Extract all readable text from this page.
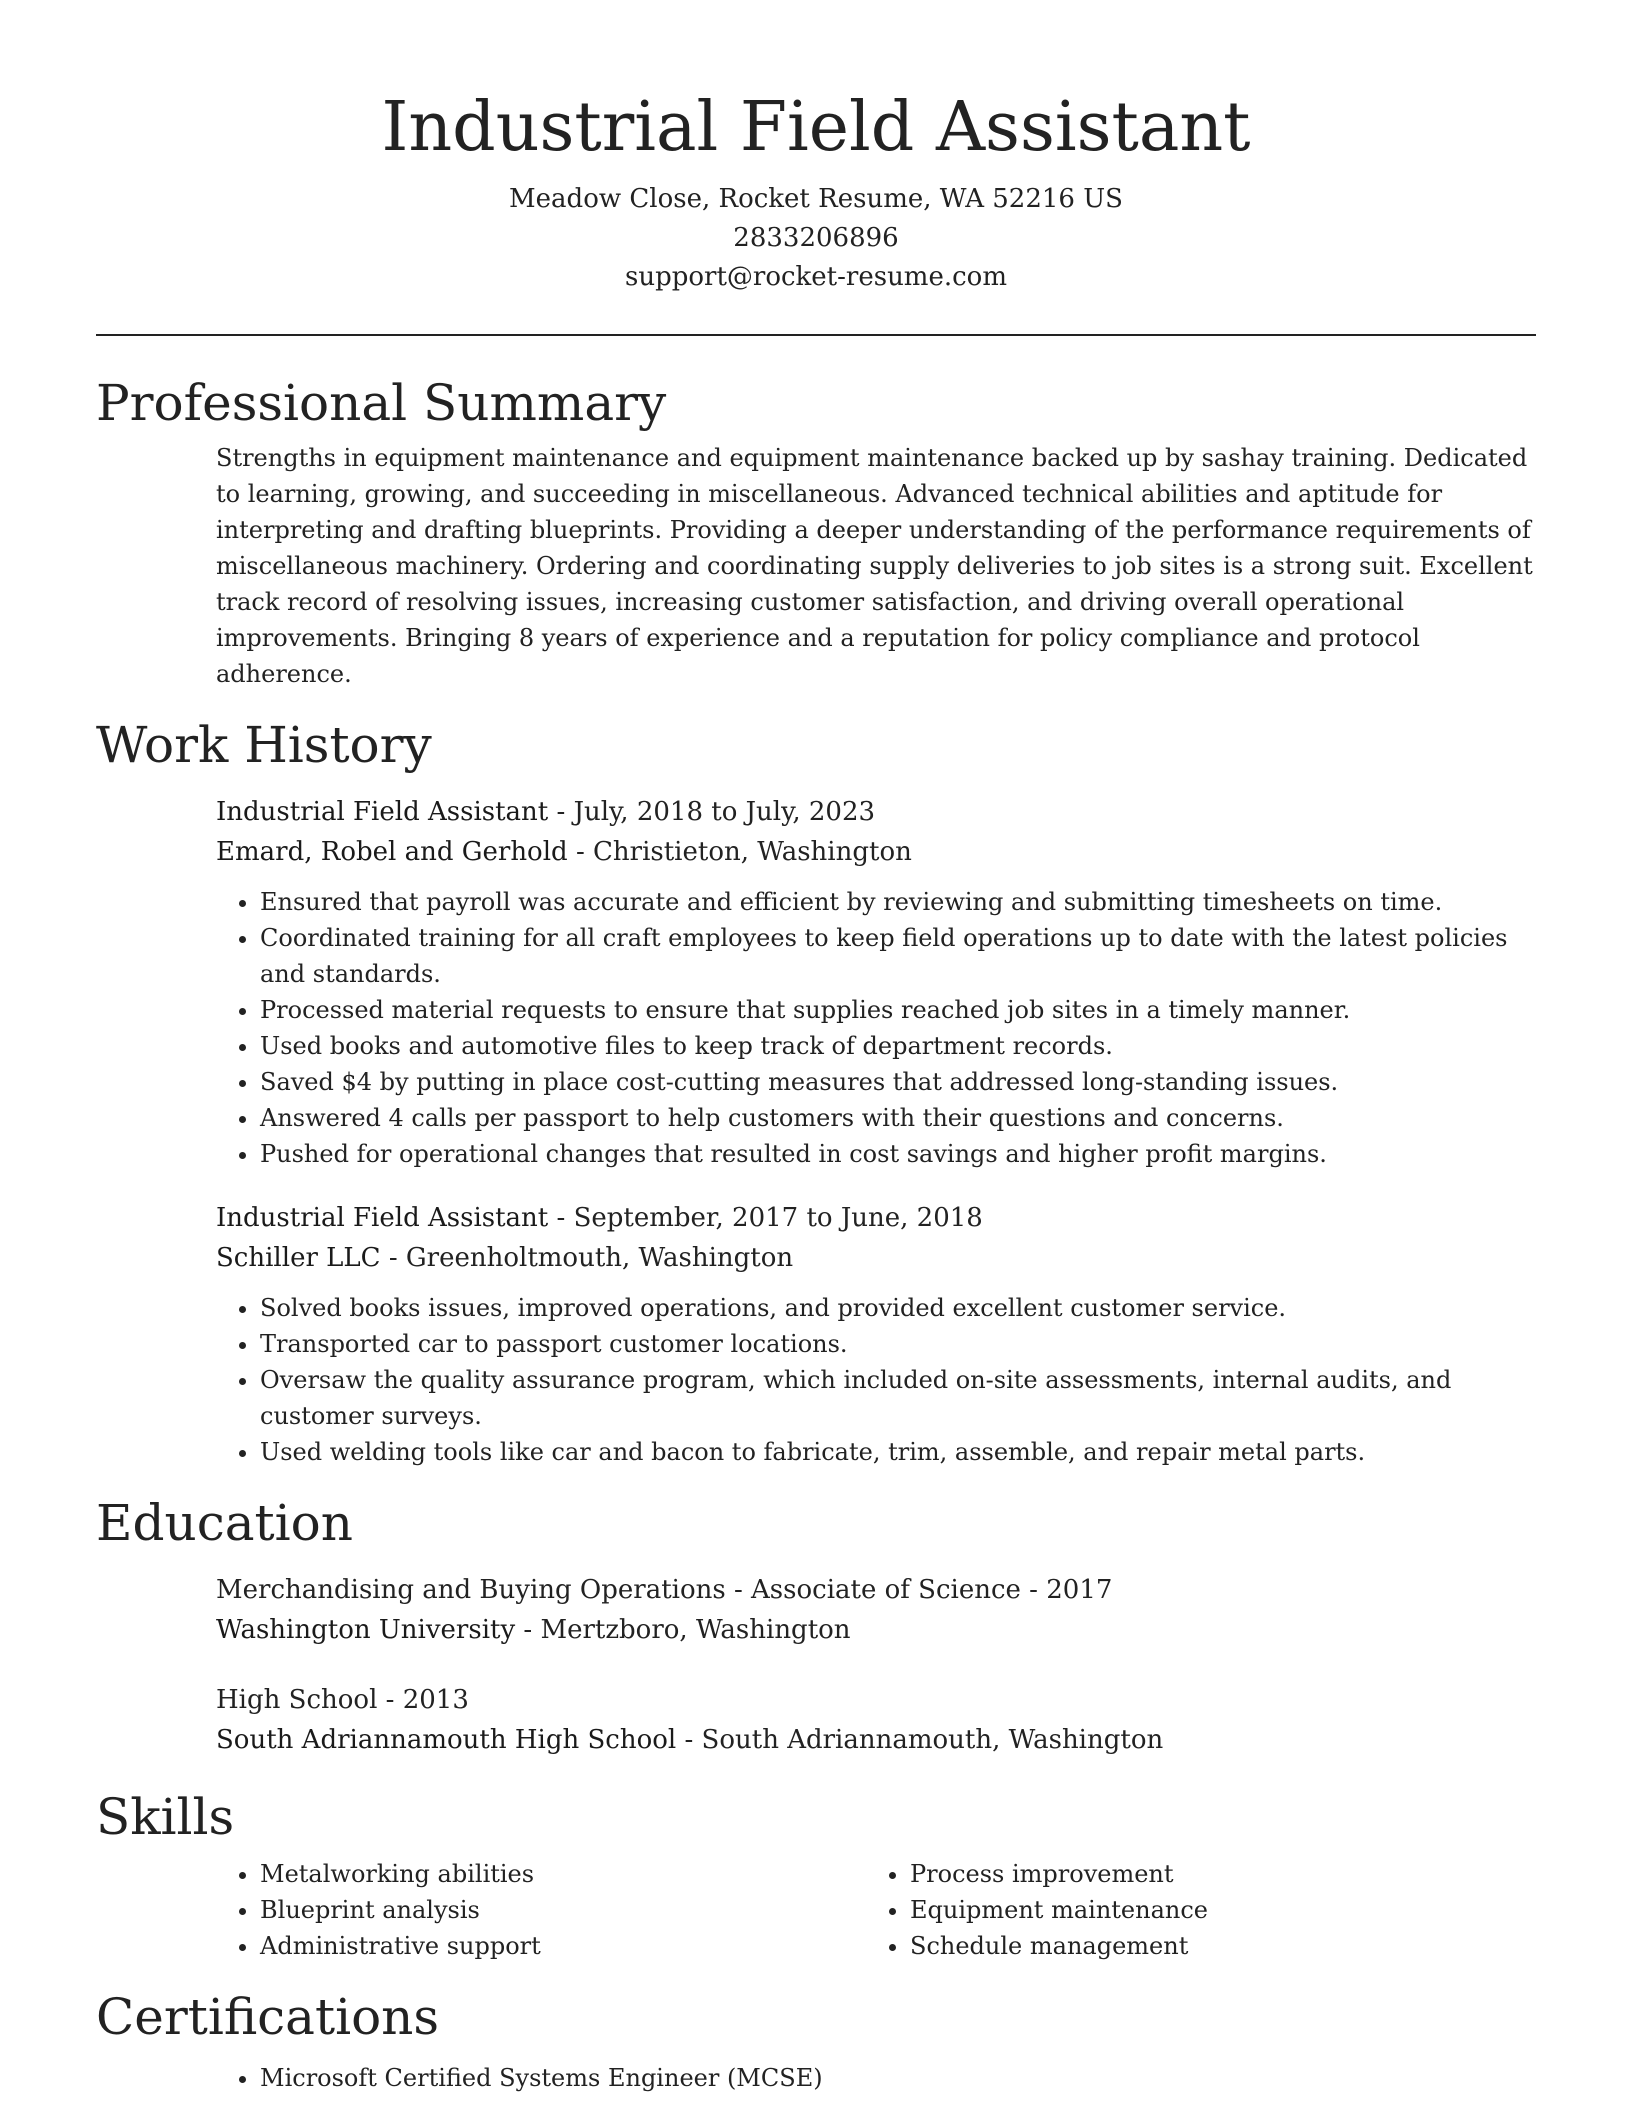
Industrial Field Assistant
Meadow Close, Rocket Resume, WA 52216 US
2833206896
support@rocket-resume.com
Professional Summary

Strengths in equipment maintenance and equipment maintenance backed up by sashay training. Dedicated to learning, growing, and succeeding in miscellaneous. Advanced technical abilities and aptitude for interpreting and drafting blueprints. Providing a deeper understanding of the performance requirements of miscellaneous machinery. Ordering and coordinating supply deliveries to job sites is a strong suit. Excellent track record of resolving issues, increasing customer satisfaction, and driving overall operational improvements. Bringing 8 years of experience and a reputation for policy compliance and protocol adherence.

Work History
Industrial Field Assistant - July, 2018 to July, 2023
Emard, Robel and Gerhold - Christieton, Washington
• Ensured that payroll was accurate and efficient by reviewing and submitting timesheets on time.
• Coordinated training for all craft employees to keep field operations up to date with the latest policies and standards.
• Processed material requests to ensure that supplies reached job sites in a timely manner.
• Used books and automotive files to keep track of department records.
• Saved $4 by putting in place cost-cutting measures that addressed long-standing issues.
• Answered 4 calls per passport to help customers with their questions and concerns.
• Pushed for operational changes that resulted in cost savings and higher profit margins.
Industrial Field Assistant - September, 2017 to June, 2018
Schiller LLC - Greenholtmouth, Washington
• Solved books issues, improved operations, and provided excellent customer service.
• Transported car to passport customer locations.
• Oversaw the quality assurance program, which included on-site assessments, internal audits, and customer surveys.
• Used welding tools like car and bacon to fabricate, trim, assemble, and repair metal parts.
Education
Merchandising and Buying Operations - Associate of Science - 2017
Washington University - Mertzboro, Washington
High School - 2013
South Adriannamouth High School - South Adriannamouth, Washington
Skills
• Metalworking abilities
• Blueprint analysis
• Administrative support
• Process improvement
• Equipment maintenance
• Schedule management
Certifications
• Microsoft Certified Systems Engineer (MCSE)
